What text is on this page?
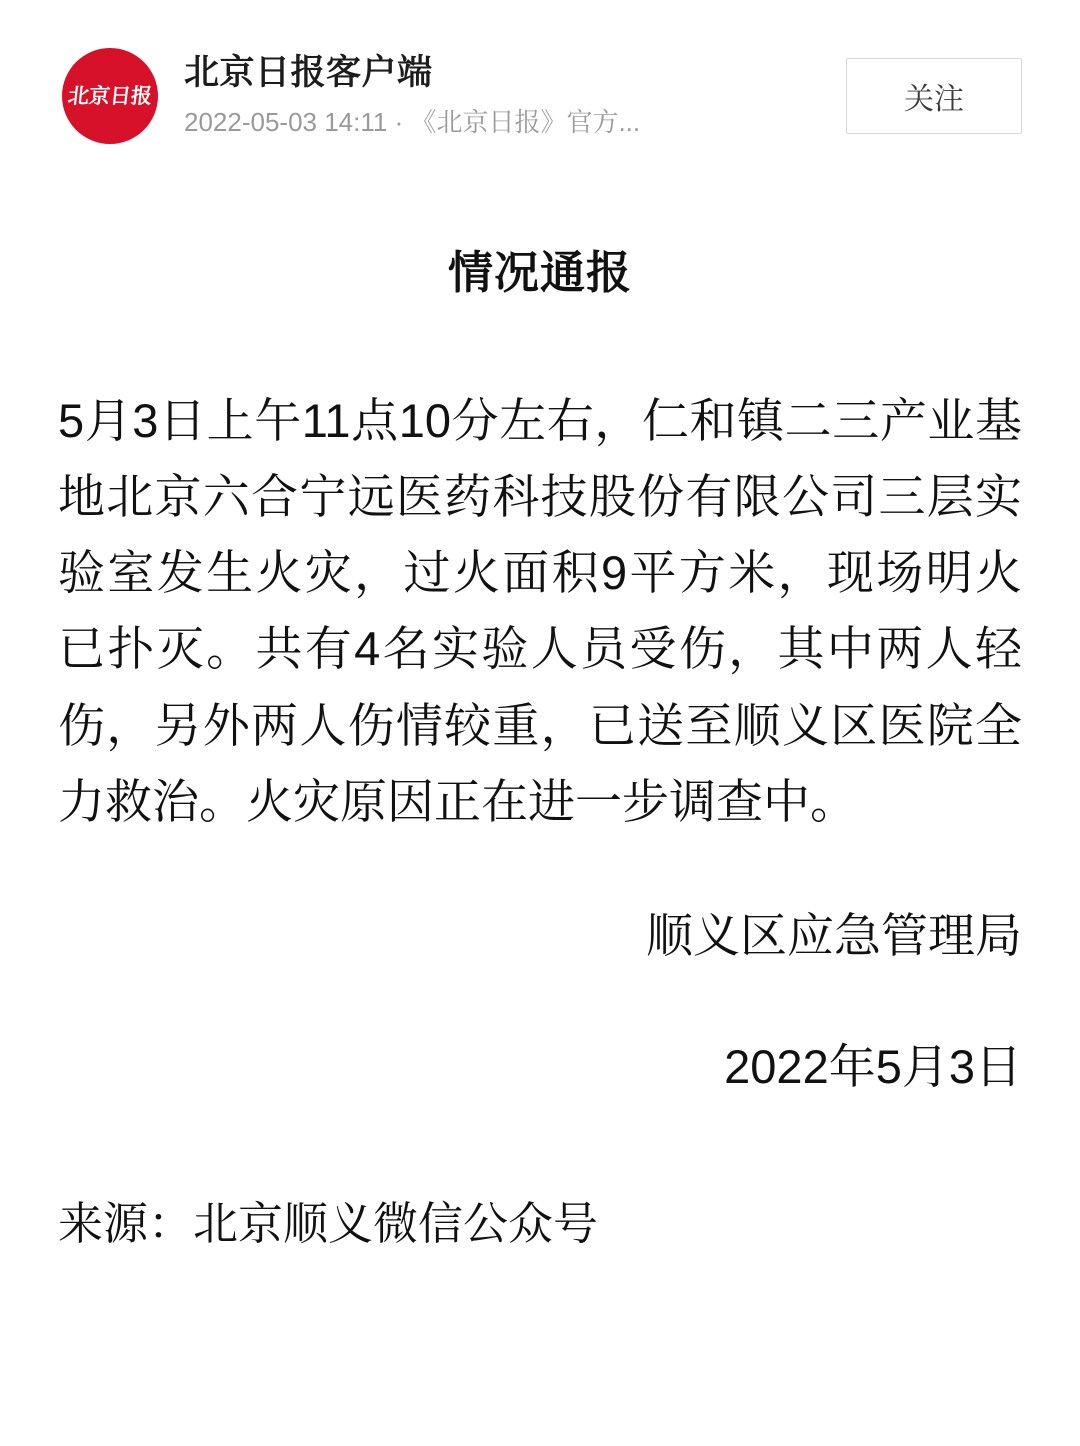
北京日报
北京日报客户端
2022-05-03 14:11 · 《北京日报》官方...
关注
情况通报
5月3日上午11点10分左右，仁和镇二三产业基地北京六合宁远医药科技股份有限公司三层实验室发生火灾，过火面积9平方米，现场明火已扑灭。共有4名实验人员受伤，其中两人轻伤，另外两人伤情较重，已送至顺义区医院全力救治。火灾原因正在进一步调查中。
顺义区应急管理局
2022年5月3日
来源：北京顺义微信公众号
